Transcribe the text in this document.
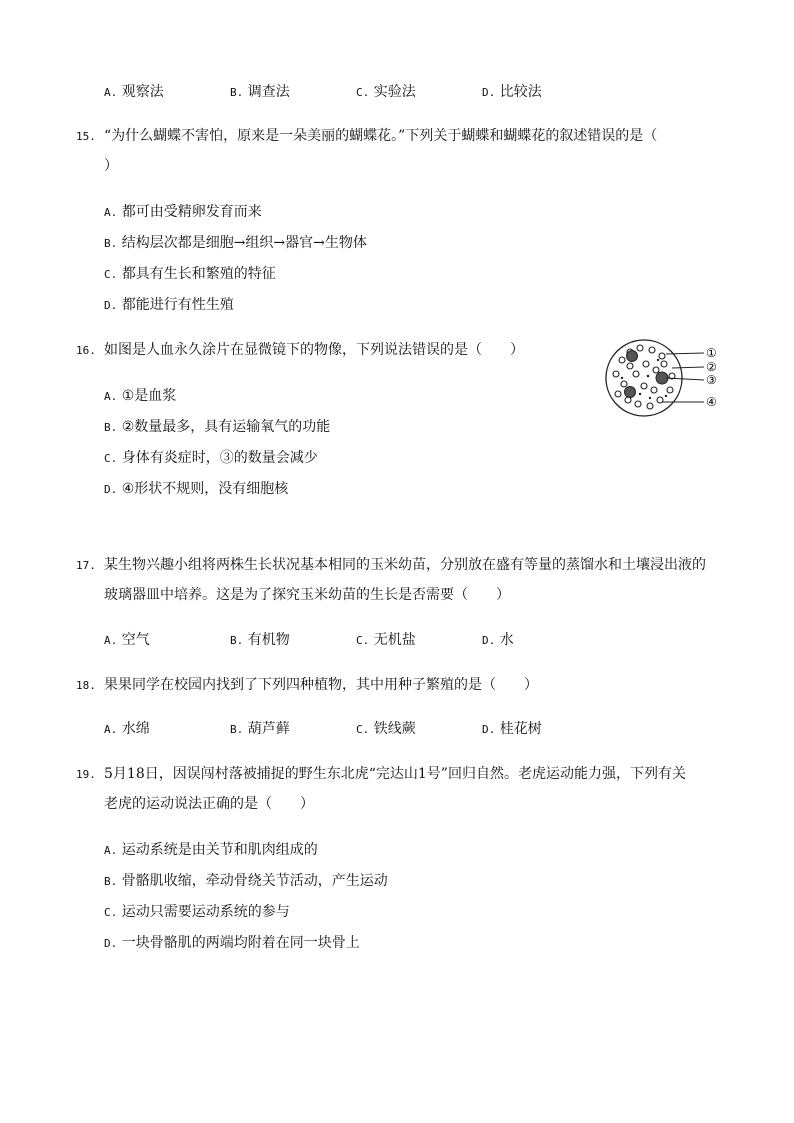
A. 观察法	B. 调查法	C. 实验法	D. 比较法
15. “为什么蝴蝶不害怕，原来是一朵美丽的蝴蝶花。”下列关于蝴蝶和蝴蝶花的叙述错误的是（
）
A. 都可由受精卵发育而来
B. 结构层次都是细胞→组织→器官→生物体
C. 都具有生长和繁殖的特征
D. 都能进行有性生殖
16. 如图是人血永久涂片在显微镜下的物像，下列说法错误的是（　　）
A. ①是血浆
B. ②数量最多，具有运输氧气的功能
C. 身体有炎症时，③的数量会减少
D. ④形状不规则，没有细胞核
①
②
③
④
17. 某生物兴趣小组将两株生长状况基本相同的玉米幼苗，分别放在盛有等量的蒸馏水和土壤浸出液的
玻璃器皿中培养。这是为了探究玉米幼苗的生长是否需要（　　）
A. 空气	B. 有机物	C. 无机盐	D. 水
18. 果果同学在校园内找到了下列四种植物，其中用种子繁殖的是（　　）
A. 水绵	B. 葫芦藓	C. 铁线蕨	D. 桂花树
19. 5月18日，因误闯村落被捕捉的野生东北虎“完达山1号”回归自然。老虎运动能力强，下列有关
老虎的运动说法正确的是（　　）
A. 运动系统是由关节和肌肉组成的
B. 骨骼肌收缩，牵动骨绕关节活动，产生运动
C. 运动只需要运动系统的参与
D. 一块骨骼肌的两端均附着在同一块骨上
